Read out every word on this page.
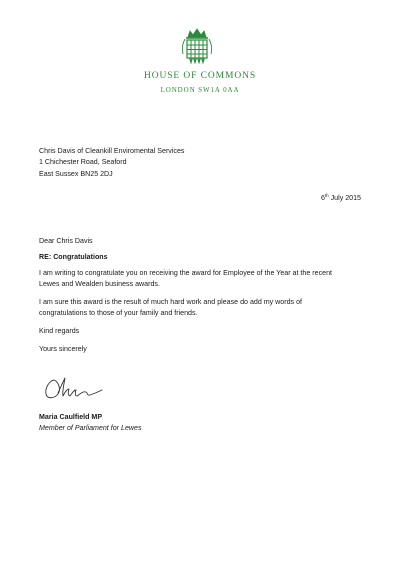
HOUSE OF COMMONS
LONDON SW1A 0AA
Chris Davis of Cleankill Enviromental Services
1 Chichester Road, Seaford
East Sussex BN25 2DJ
6th July 2015
Dear Chris Davis
RE: Congratulations
I am writing to congratulate you on receiving the award for Employee of the Year at the recent Lewes and Wealden business awards.
I am sure this award is the result of much hard work and please do add my words of congratulations to those of your family and friends.
Kind regards
Yours sincerely
Maria Caulfield MP
Member of Parliament for Lewes
